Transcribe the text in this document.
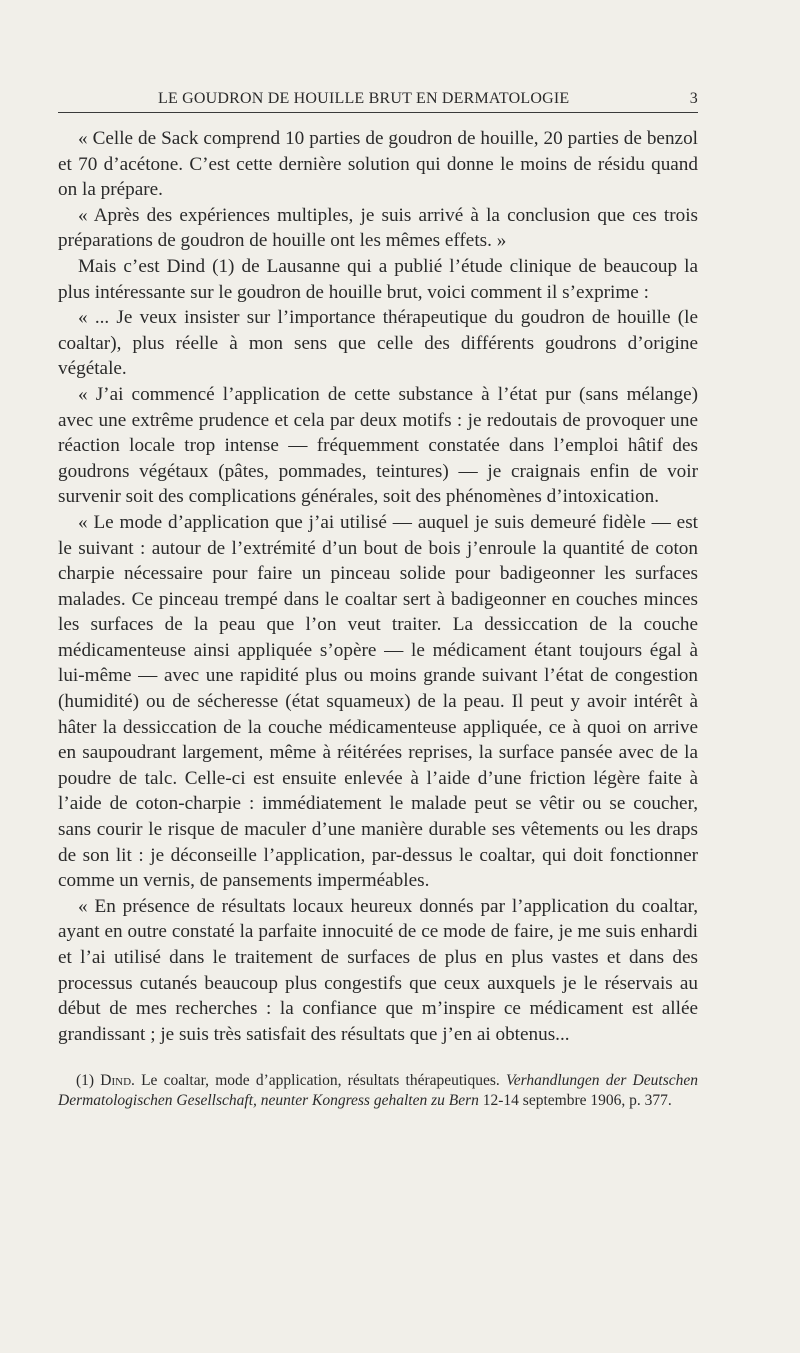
LE GOUDRON DE HOUILLE BRUT EN DERMATOLOGIE	3

« Celle de Sack comprend 10 parties de goudron de houille, 20 parties de benzol et 70 d’acétone. C’est cette dernière solution qui donne le moins de résidu quand on la prépare.

« Après des expériences multiples, je suis arrivé à la conclusion que ces trois préparations de goudron de houille ont les mêmes effets. »

Mais c’est Dind (1) de Lausanne qui a publié l’étude clinique de beaucoup la plus intéressante sur le goudron de houille brut, voici comment il s’exprime :

« ... Je veux insister sur l’importance thérapeutique du goudron de houille (le coaltar), plus réelle à mon sens que celle des différents goudrons d’origine végétale.

« J’ai commencé l’application de cette substance à l’état pur (sans mélange) avec une extrême prudence et cela par deux motifs : je redoutais de provoquer une réaction locale trop intense — fréquemment constatée dans l’emploi hâtif des goudrons végétaux (pâtes, pommades, teintures) — je craignais enfin de voir survenir soit des complications générales, soit des phénomènes d’intoxication.

« Le mode d’application que j’ai utilisé — auquel je suis demeuré fidèle — est le suivant : autour de l’extrémité d’un bout de bois j’enroule la quantité de coton charpie nécessaire pour faire un pinceau solide pour badigeonner les surfaces malades. Ce pinceau trempé dans le coaltar sert à badigeonner en couches minces les surfaces de la peau que l’on veut traiter. La dessiccation de la couche médicamenteuse ainsi appliquée s’opère — le médicament étant toujours égal à lui-même — avec une rapidité plus ou moins grande suivant l’état de congestion (humidité) ou de sécheresse (état squameux) de la peau. Il peut y avoir intérêt à hâter la dessiccation de la couche médicamenteuse appliquée, ce à quoi on arrive en saupoudrant largement, même à réitérées reprises, la surface pansée avec de la poudre de talc. Celle-ci est ensuite enlevée à l’aide d’une friction légère faite à l’aide de coton-charpie : immédiatement le malade peut se vêtir ou se coucher, sans courir le risque de maculer d’une manière durable ses vêtements ou les draps de son lit : je déconseille l’application, par-dessus le coaltar, qui doit fonctionner comme un vernis, de pansements imperméables.

« En présence de résultats locaux heureux donnés par l’application du coaltar, ayant en outre constaté la parfaite innocuité de ce mode de faire, je me suis enhardi et l’ai utilisé dans le traitement de surfaces de plus en plus vastes et dans des processus cutanés beaucoup plus congestifs que ceux auxquels je le réservais au début de mes recherches : la confiance que m’inspire ce médicament est allée grandissant ; je suis très satisfait des résultats que j’en ai obtenus...

(1) Dind. Le coaltar, mode d’application, résultats thérapeutiques. Verhandlungen der Deutschen Dermatologischen Gesellschaft, neunter Kongress gehalten zu Bern 12-14 septembre 1906, p. 377.
